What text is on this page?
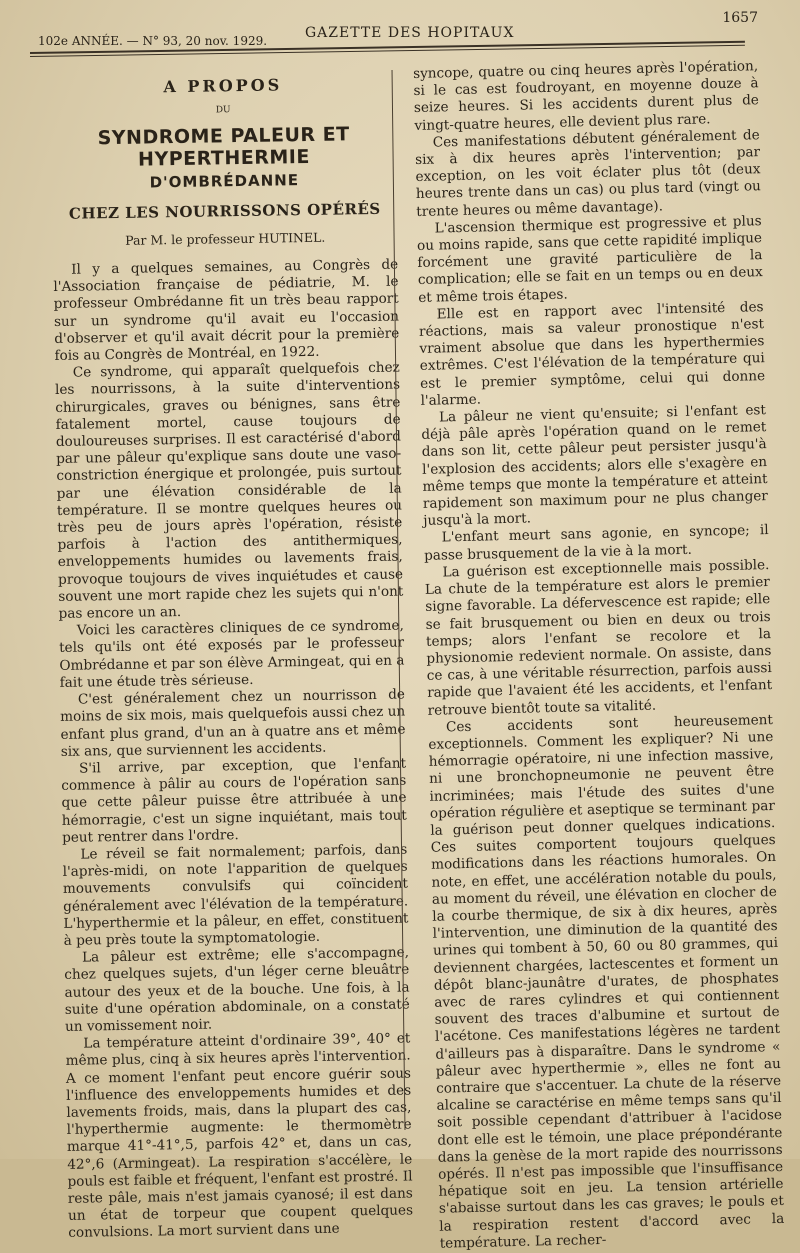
1657
102e ANNÉE. — N° 93, 20 nov. 1929.	GAZETTE DES HOPITAUX
A PROPOS
DU
SYNDROME PALEUR ET HYPERTHERMIE
D'OMBRÉDANNE
CHEZ LES NOURRISSONS OPÉRÉS
Par M. le professeur HUTINEL.

Il y a quelques semaines, au Congrès de l'Association française de pédiatrie, M. le professeur Ombrédanne fit un très beau rapport sur un syndrome qu'il avait eu l'occasion d'observer et qu'il avait décrit pour la première fois au Congrès de Montréal, en 1922.

Ce syndrome, qui apparaît quelquefois chez les nourrissons, à la suite d'interventions chirurgicales, graves ou bénignes, sans être fatalement mortel, cause toujours de douloureuses surprises. Il est caractérisé d'abord par une pâleur qu'explique sans doute une vaso-constriction énergique et prolongée, puis surtout par une élévation considérable de la température. Il se montre quelques heures ou très peu de jours après l'opération, résiste parfois à l'action des antithermiques, enveloppements humides ou lavements frais, provoque toujours de vives inquiétudes et cause souvent une mort rapide chez les sujets qui n'ont pas encore un an.

Voici les caractères cliniques de ce syndrome, tels qu'ils ont été exposés par le professeur Ombrédanne et par son élève Armingeat, qui en a fait une étude très sérieuse.

C'est généralement chez un nourrisson de moins de six mois, mais quelquefois aussi chez un enfant plus grand, d'un an à quatre ans et même six ans, que surviennent les accidents.

S'il arrive, par exception, que l'enfant commence à pâlir au cours de l'opération sans que cette pâleur puisse être attribuée à une hémorragie, c'est un signe inquiétant, mais tout peut rentrer dans l'ordre.

Le réveil se fait normalement; parfois, dans l'après-midi, on note l'apparition de quelques mouvements convulsifs qui coïncident généralement avec l'élévation de la température. L'hyperthermie et la pâleur, en effet, constituent à peu près toute la symptomatologie.

La pâleur est extrême; elle s'accompagne, chez quelques sujets, d'un léger cerne bleuâtre autour des yeux et de la bouche. Une fois, à la suite d'une opération abdominale, on a constaté un vomissement noir.

La température atteint d'ordinaire 39°, 40° et même plus, cinq à six heures après l'intervention. A ce moment l'enfant peut encore guérir sous l'influence des enveloppements humides et des lavements froids, mais, dans la plupart des cas, l'hyperthermie augmente: le thermomètre marque 41°-41°,5, parfois 42° et, dans un cas, 42°,6 (Armingeat). La respiration s'accélère, le pouls est faible et fréquent, l'enfant est prostré. Il reste pâle, mais n'est jamais cyanosé; il est dans un état de torpeur que coupent quelques convulsions. La mort survient dans une

syncope, quatre ou cinq heures après l'opération, si le cas est foudroyant, en moyenne douze à seize heures. Si les accidents durent plus de vingt-quatre heures, elle devient plus rare.

Ces manifestations débutent généralement de six à dix heures après l'intervention; par exception, on les voit éclater plus tôt (deux heures trente dans un cas) ou plus tard (vingt ou trente heures ou même davantage).

L'ascension thermique est progressive et plus ou moins rapide, sans que cette rapidité implique forcément une gravité particulière de la complication; elle se fait en un temps ou en deux et même trois étapes.

Elle est en rapport avec l'intensité des réactions, mais sa valeur pronostique n'est vraiment absolue que dans les hyperthermies extrêmes. C'est l'élévation de la température qui est le premier symptôme, celui qui donne l'alarme.

La pâleur ne vient qu'ensuite; si l'enfant est déjà pâle après l'opération quand on le remet dans son lit, cette pâleur peut persister jusqu'à l'explosion des accidents; alors elle s'exagère en même temps que monte la température et atteint rapidement son maximum pour ne plus changer jusqu'à la mort.

L'enfant meurt sans agonie, en syncope; il passe brusquement de la vie à la mort.

La guérison est exceptionnelle mais possible. La chute de la température est alors le premier signe favorable. La défervescence est rapide; elle se fait brusquement ou bien en deux ou trois temps; alors l'enfant se recolore et la physionomie redevient normale. On assiste, dans ce cas, à une véritable résurrection, parfois aussi rapide que l'avaient été les accidents, et l'enfant retrouve bientôt toute sa vitalité.

Ces accidents sont heureusement exceptionnels. Comment les expliquer? Ni une hémorragie opératoire, ni une infection massive, ni une bronchopneumonie ne peuvent être incriminées; mais l'étude des suites d'une opération régulière et aseptique se terminant par la guérison peut donner quelques indications. Ces suites comportent toujours quelques modifications dans les réactions humorales. On note, en effet, une accélération notable du pouls, au moment du réveil, une élévation en clocher de la courbe thermique, de six à dix heures, après l'intervention, une diminution de la quantité des urines qui tombent à 50, 60 ou 80 grammes, qui deviennent chargées, lactescentes et forment un dépôt blanc-jaunâtre d'urates, de phosphates avec de rares cylindres et qui contiennent souvent des traces d'albumine et surtout de l'acétone. Ces manifestations légères ne tardent d'ailleurs pas à disparaître. Dans le syndrome « pâleur avec hyperthermie », elles ne font au contraire que s'accentuer. La chute de la réserve alcaline se caractérise en même temps sans qu'il soit possible cependant d'attribuer à l'acidose dont elle est le témoin, une place prépondérante dans la genèse de la mort rapide des nourrissons opérés. Il n'est pas impossible que l'insuffisance hépatique soit en jeu. La tension artérielle s'abaisse surtout dans les cas graves; le pouls et la respiration restent d'accord avec la température. La recher-
